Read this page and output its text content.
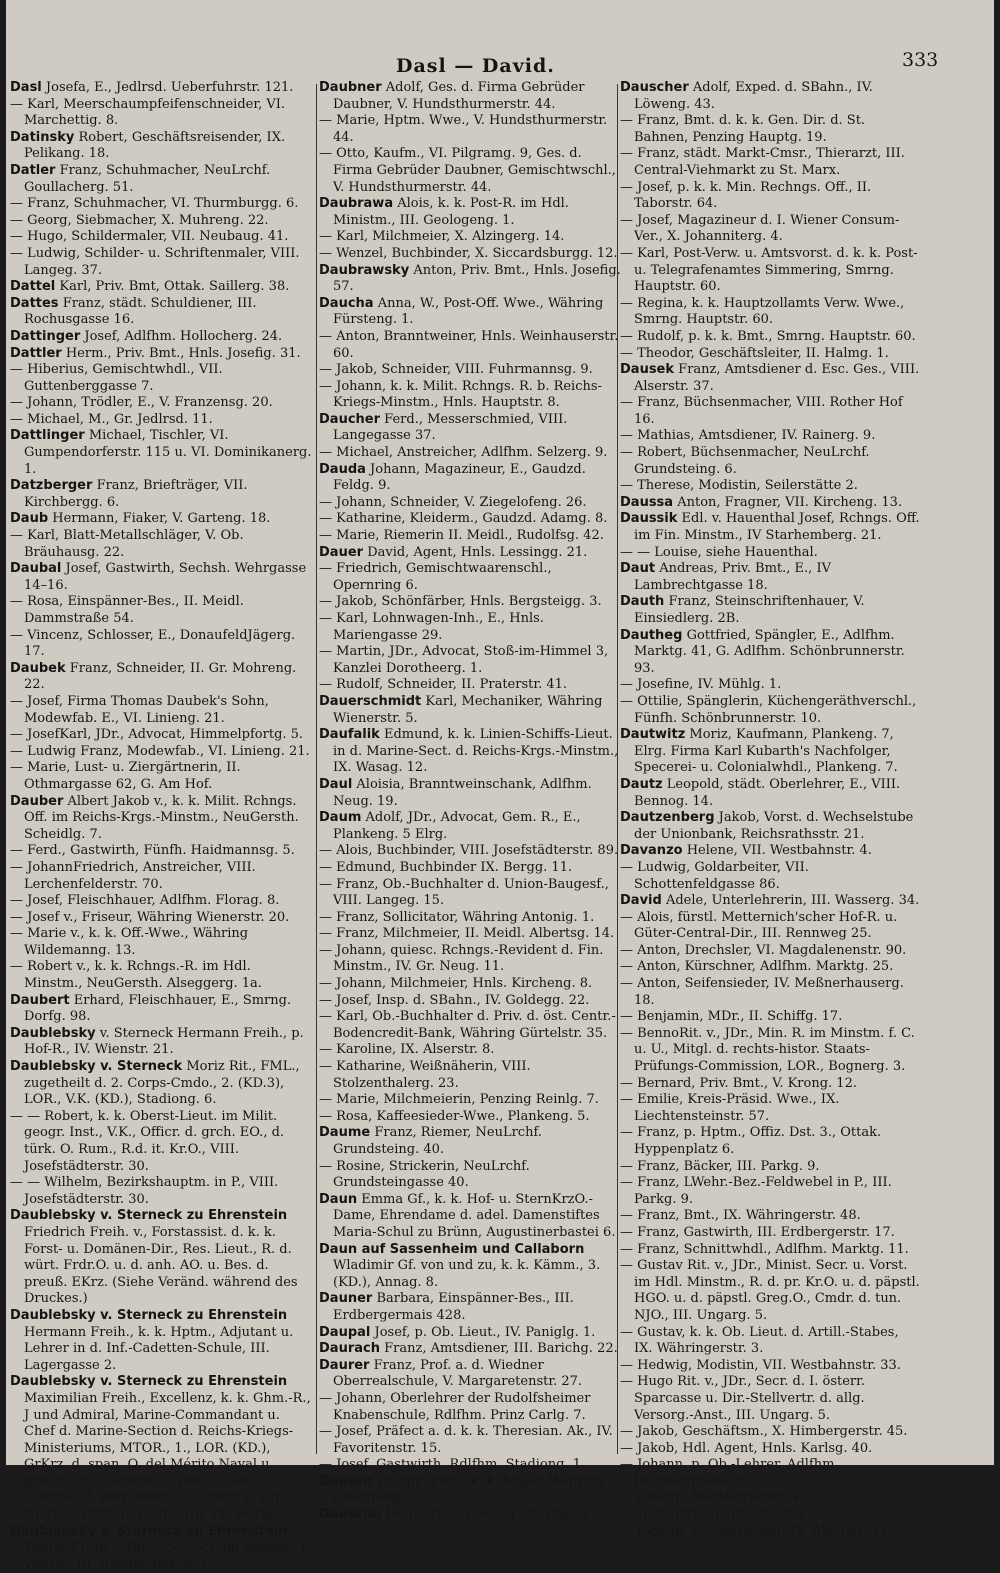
Dasl — David.	333

Dasl Josefa, E., Jedlrsd. Ueberfuhrstr. 121.

— Karl, Meerschaumpfeifenschneider, VI. Marchettig. 8.

Datinsky Robert, Geschäftsreisender, IX. Pelikang. 18.

Datler Franz, Schuhmacher, NeuLrchf. Goullacherg. 51.

— Franz, Schuhmacher, VI. Thurmburgg. 6.

— Georg, Siebmacher, X. Muhreng. 22.

— Hugo, Schildermaler, VII. Neubaug. 41.

— Ludwig, Schilder- u. Schriftenmaler, VIII. Langeg. 37.

Dattel Karl, Priv. Bmt, Ottak. Saillerg. 38.

Dattes Franz, städt. Schuldiener, III. Rochusgasse 16.

Dattinger Josef, Adlfhm. Hollocherg. 24.

Dattler Herm., Priv. Bmt., Hnls. Josefig. 31.

— Hiberius, Gemischtwhdl., VII. Guttenberggasse 7.

— Johann, Trödler, E., V. Franzensg. 20.

— Michael, M., Gr. Jedlrsd. 11.

Dattlinger Michael, Tischler, VI. Gumpendorferstr. 115 u. VI. Dominikanerg. 1.

Datzberger Franz, Briefträger, VII. Kirchbergg. 6.

Daub Hermann, Fiaker, V. Garteng. 18.

— Karl, Blatt-Metallschläger, V. Ob. Bräuhausg. 22.

Daubal Josef, Gastwirth, Sechsh. Wehrgasse 14–16.

— Rosa, Einspänner-Bes., II. Meidl. Dammstraße 54.

— Vincenz, Schlosser, E., DonaufeldJägerg. 17.

Daubek Franz, Schneider, II. Gr. Mohreng. 22.

— Josef, Firma Thomas Daubek's Sohn, Modewfab. E., VI. Linieng. 21.

— JosefKarl, JDr., Advocat, Himmelpfortg. 5.

— Ludwig Franz, Modewfab., VI. Linieng. 21.

— Marie, Lust- u. Ziergärtnerin, II. Othmargasse 62, G. Am Hof.

Dauber Albert Jakob v., k. k. Milit. Rchngs. Off. im Reichs-Krgs.-Minstm., NeuGersth. Scheidlg. 7.

— Ferd., Gastwirth, Fünfh. Haidmannsg. 5.

— JohannFriedrich, Anstreicher, VIII. Lerchenfelderstr. 70.

— Josef, Fleischhauer, Adlfhm. Florag. 8.

— Josef v., Friseur, Währing Wienerstr. 20.

— Marie v., k. k. Off.-Wwe., Währing Wildemanng. 13.

— Robert v., k. k. Rchngs.-R. im Hdl. Minstm., NeuGersth. Alseggerg. 1a.

Daubert Erhard, Fleischhauer, E., Smrng. Dorfg. 98.

Daublebsky v. Sterneck Hermann Freih., p. Hof-R., IV. Wienstr. 21.

Daublebsky v. Sterneck Moriz Rit., FML., zugetheilt d. 2. Corps-Cmdo., 2. (KD.3), LOR., V.K. (KD.), Stadiong. 6.

— — Robert, k. k. Oberst-Lieut. im Milit. geogr. Inst., V.K., Officr. d. grch. EO., d. türk. O. Rum., R.d. it. Kr.O., VIII. Josefstädterstr. 30.

— — Wilhelm, Bezirkshauptm. in P., VIII. Josefstädterstr. 30.

Daublebsky v. Sterneck zu Ehrenstein Friedrich Freih. v., Forstassist. d. k. k. Forst- u. Domänen-Dir., Res. Lieut., R. d. würt. Frdr.O. u. d. anh. AO. u. Bes. d. preuß. EKrz. (Siehe Veränd. während des Druckes.)

Daublebsky v. Sterneck zu Ehrenstein Hermann Freih., k. k. Hptm., Adjutant u. Lehrer in d. Inf.-Cadetten-Schule, III. Lagergasse 2.

Daublebsky v. Sterneck zu Ehrenstein Maximilian Freih., Excellenz, k. k. Ghm.-R., J und Admiral, Marine-Commandant u. Chef d. Marine-Section d. Reichs-Kriegs-Ministeriums, MTOR., 1., LOR. (KD.), GrKrz. d. span. O. del Mérito Naval u. griech. EO., GrOffiz. d. mez. Guad.O., Commd. d. port. Mont. D., Cmdr. d. tun. Nischan Iftikhar, LOR. Elrg. IX. Hörlg. 2.

Daublebsky v. Sterneck zu Ehrenstein Walter Freih., Min.-Vice-Secr. im Minstm. f. Werth., III. Rasumoffskyg. 1.

Daubner Adolf, Ges. d. Firma Gebrüder Daubner, V. Hundsthurmerstr. 44.

— Marie, Hptm. Wwe., V. Hundsthurmerstr. 44.

— Otto, Kaufm., VI. Pilgramg. 9, Ges. d. Firma Gebrüder Daubner, Gemischtwschl., V. Hundsthurmerstr. 44.

Daubrawa Alois, k. k. Post-R. im Hdl. Ministm., III. Geologeng. 1.

— Karl, Milchmeier, X. Alzingerg. 14.

— Wenzel, Buchbinder, X. Siccardsburgg. 12.

Daubrawsky Anton, Priv. Bmt., Hnls. Josefig. 57.

Daucha Anna, W., Post-Off. Wwe., Währing Fürsteng. 1.

— Anton, Branntweiner, Hnls. Weinhauserstr. 60.

— Jakob, Schneider, VIII. Fuhrmannsg. 9.

— Johann, k. k. Milit. Rchngs. R. b. Reichs-Kriegs-Minstm., Hnls. Hauptstr. 8.

Daucher Ferd., Messerschmied, VIII. Langegasse 37.

— Michael, Anstreicher, Adlfhm. Selzerg. 9.

Dauda Johann, Magazineur, E., Gaudzd. Feldg. 9.

— Johann, Schneider, V. Ziegelofeng. 26.

— Katharine, Kleiderm., Gaudzd. Adamg. 8.

— Marie, Riemerin II. Meidl., Rudolfsg. 42.

Dauer David, Agent, Hnls. Lessingg. 21.

— Friedrich, Gemischtwaarenschl., Opernring 6.

— Jakob, Schönfärber, Hnls. Bergsteigg. 3.

— Karl, Lohnwagen-Inh., E., Hnls. Mariengasse 29.

— Martin, JDr., Advocat, Stoß-im-Himmel 3, Kanzlei Dorotheerg. 1.

— Rudolf, Schneider, II. Praterstr. 41.

Dauerschmidt Karl, Mechaniker, Währing Wienerstr. 5.

Daufalik Edmund, k. k. Linien-Schiffs-Lieut. in d. Marine-Sect. d. Reichs-Krgs.-Minstm., IX. Wasag. 12.

Daul Aloisia, Branntweinschank, Adlfhm. Neug. 19.

Daum Adolf, JDr., Advocat, Gem. R., E., Plankeng. 5 Elrg.

— Alois, Buchbinder, VIII. Josefstädterstr. 89.

— Edmund, Buchbinder IX. Bergg. 11.

— Franz, Ob.-Buchhalter d. Union-Baugesf., VIII. Langeg. 15.

— Franz, Sollicitator, Währing Antonig. 1.

— Franz, Milchmeier, II. Meidl. Albertsg. 14.

— Johann, quiesc. Rchngs.-Revident d. Fin. Minstm., IV. Gr. Neug. 11.

— Johann, Milchmeier, Hnls. Kircheng. 8.

— Josef, Insp. d. SBahn., IV. Goldegg. 22.

— Karl, Ob.-Buchhalter d. Priv. d. öst. Centr.-Bodencredit-Bank, Währing Gürtelstr. 35.

— Karoline, IX. Alserstr. 8.

— Katharine, Weißnäherin, VIII. Stolzenthalerg. 23.

— Marie, Milchmeierin, Penzing Reinlg. 7.

— Rosa, Kaffeesieder-Wwe., Plankeng. 5.

Daume Franz, Riemer, NeuLrchf. Grundsteing. 40.

— Rosine, Strickerin, NeuLrchf. Grundsteingasse 40.

Daun Emma Gf., k. k. Hof- u. SternKrzO.-Dame, Ehrendame d. adel. Damenstiftes Maria-Schul zu Brünn, Augustinerbastei 6.

Daun auf Sassenheim und Callaborn Wladimir Gf. von und zu, k. k. Kämm., 3. (KD.), Annag. 8.

Dauner Barbara, Einspänner-Bes., III. Erdbergermais 428.

Daupal Josef, p. Ob. Lieut., IV. Paniglg. 1.

Daurach Franz, Amtsdiener, III. Barichg. 22.

Daurer Franz, Prof. a. d. Wiedner Oberrealschule, V. Margaretenstr. 27.

— Johann, Oberlehrer der Rudolfsheimer Knabenschule, Rdlfhm. Prinz Carlg. 7.

— Josef, Präfect a. d. k. k. Theresian. Ak., IV. Favoritenstr. 15.

— Josef, Gastwirth, Rdlfhm. Stadiong. 1.

Dausch Philipp, pens. k. k. Major, Währing Johannesg. 3–5.

Dauscha Henriette, Spiegelg., Karlsg. 5.

Dauscher Adolf, Exped. d. SBahn., IV. Löweng. 43.

— Franz, Bmt. d. k. k. Gen. Dir. d. St. Bahnen, Penzing Hauptg. 19.

— Franz, städt. Markt-Cmsr., Thierarzt, III. Central-Viehmarkt zu St. Marx.

— Josef, p. k. k. Min. Rechngs. Off., II. Taborstr. 64.

— Josef, Magazineur d. I. Wiener Consum-Ver., X. Johanniterg. 4.

— Karl, Post-Verw. u. Amtsvorst. d. k. k. Post- u. Telegrafenamtes Simmering, Smrng. Hauptstr. 60.

— Regina, k. k. Hauptzollamts Verw. Wwe., Smrng. Hauptstr. 60.

— Rudolf, p. k. k. Bmt., Smrng. Hauptstr. 60.

— Theodor, Geschäftsleiter, II. Halmg. 1.

Dausek Franz, Amtsdiener d. Esc. Ges., VIII. Alserstr. 37.

— Franz, Büchsenmacher, VIII. Rother Hof 16.

— Mathias, Amtsdiener, IV. Rainerg. 9.

— Robert, Büchsenmacher, NeuLrchf. Grundsteing. 6.

— Therese, Modistin, Seilerstätte 2.

Daussa Anton, Fragner, VII. Kircheng. 13.

Daussik Edl. v. Hauenthal Josef, Rchngs. Off. im Fin. Minstm., IV Starhemberg. 21.

— — Louise, siehe Hauenthal.

Daut Andreas, Priv. Bmt., E., IV Lambrechtgasse 18.

Dauth Franz, Steinschriftenhauer, V. Einsiedlerg. 2B.

Dautheg Gottfried, Spängler, E., Adlfhm. Marktg. 41, G. Adlfhm. Schönbrunnerstr. 93.

— Josefine, IV. Mühlg. 1.

— Ottilie, Spänglerin, Küchengeräthverschl., Fünfh. Schönbrunnerstr. 10.

Dautwitz Moriz, Kaufmann, Plankeng. 7, Elrg. Firma Karl Kubarth's Nachfolger, Specerei- u. Colonialwhdl., Plankeng. 7.

Dautz Leopold, städt. Oberlehrer, E., VIII. Bennog. 14.

Dautzenberg Jakob, Vorst. d. Wechselstube der Unionbank, Reichsrathsstr. 21.

Davanzo Helene, VII. Westbahnstr. 4.

— Ludwig, Goldarbeiter, VII. Schottenfeldgasse 86.

David Adele, Unterlehrerin, III. Wasserg. 34.

— Alois, fürstl. Metternich'scher Hof-R. u. Güter-Central-Dir., III. Rennweg 25.

— Anton, Drechsler, VI. Magdalenenstr. 90.

— Anton, Kürschner, Adlfhm. Marktg. 25.

— Anton, Seifensieder, IV. Meßnerhauserg. 18.

— Benjamin, MDr., II. Schiffg. 17.

— BennoRit. v., JDr., Min. R. im Minstm. f. C. u. U., Mitgl. d. rechts-histor. Staats-Prüfungs-Commission, LOR., Bognerg. 3.

— Bernard, Priv. Bmt., V. Krong. 12.

— Emilie, Kreis-Präsid. Wwe., IX. Liechtensteinstr. 57.

— Franz, p. Hptm., Offiz. Dst. 3., Ottak. Hyppenplatz 6.

— Franz, Bäcker, III. Parkg. 9.

— Franz, LWehr.-Bez.-Feldwebel in P., III. Parkg. 9.

— Franz, Bmt., IX. Währingerstr. 48.

— Franz, Gastwirth, III. Erdbergerstr. 17.

— Franz, Schnittwhdl., Adlfhm. Marktg. 11.

— Gustav Rit. v., JDr., Minist. Secr. u. Vorst. im Hdl. Minstm., R. d. pr. Kr.O. u. d. päpstl. HGO. u. d. päpstl. Greg.O., Cmdr. d. tun. NJO., III. Ungarg. 5.

— Gustav, k. k. Ob. Lieut. d. Artill.-Stabes, IX. Währingerstr. 3.

— Hedwig, Modistin, VII. Westbahnstr. 33.

— Hugo Rit. v., JDr., Secr. d. I. österr. Sparcasse u. Dir.-Stellvertr. d. allg. Versorg.-Anst., III. Ungarg. 5.

— Jakob, Geschäftsm., X. Himbergerstr. 45.

— Jakob, Hdl. Agent, Hnls. Karlsg. 40.

— Johann, p. Ob.-Lehrer, Adlfhm. Reindorfgasse 28.

— Johann, Metalldrucker, V. Siebenbrunnenstraße 28E.

— Johann, Zuckerbäcker, IX. Alserstr. 14.
